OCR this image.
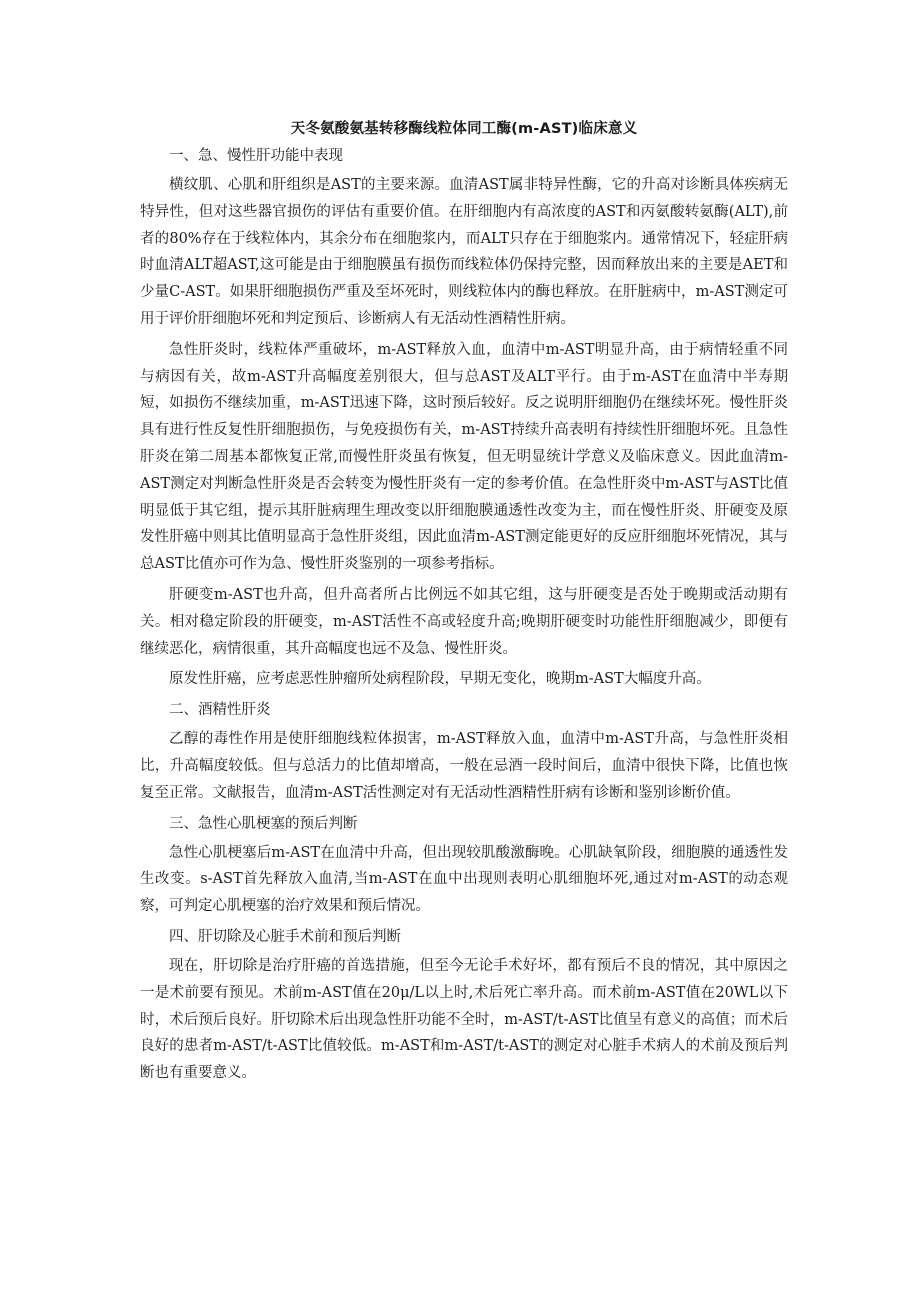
天冬氨酸氨基转移酶线粒体同工酶(m-AST)临床意义
一、急、慢性肝功能中表现

横纹肌、心肌和肝组织是AST的主要来源。血清AST属非特异性酶，它的升高对诊断具体疾病无特异性，但对这些器官损伤的评估有重要价值。在肝细胞内有高浓度的AST和丙氨酸转氨酶(ALT),前者的80%存在于线粒体内，其余分布在细胞浆内，而ALT只存在于细胞浆内。通常情况下，轻症肝病时血清ALT超AST,这可能是由于细胞膜虽有损伤而线粒体仍保持完整，因而释放出来的主要是AET和少量C-AST。如果肝细胞损伤严重及至坏死时，则线粒体内的酶也释放。在肝脏病中，m-AST测定可用于评价肝细胞坏死和判定预后、诊断病人有无活动性酒精性肝病。

急性肝炎时，线粒体严重破坏，m-AST释放入血，血清中m-AST明显升高，由于病情轻重不同与病因有关，故m-AST升高幅度差别很大，但与总AST及ALT平行。由于m-AST在血清中半寿期短，如损伤不继续加重，m-AST迅速下降，这时预后较好。反之说明肝细胞仍在继续坏死。慢性肝炎具有进行性反复性肝细胞损伤，与免疫损伤有关，m-AST持续升高表明有持续性肝细胞坏死。且急性肝炎在第二周基本都恢复正常,而慢性肝炎虽有恢复，但无明显统计学意义及临床意义。因此血清m-AST测定对判断急性肝炎是否会转变为慢性肝炎有一定的参考价值。在急性肝炎中m-AST与AST比值明显低于其它组，提示其肝脏病理生理改变以肝细胞膜通透性改变为主，而在慢性肝炎、肝硬变及原发性肝癌中则其比值明显高于急性肝炎组，因此血清m-AST测定能更好的反应肝细胞坏死情况，其与总AST比值亦可作为急、慢性肝炎鉴别的一项参考指标。

肝硬变m-AST也升高，但升高者所占比例远不如其它组，这与肝硬变是否处于晚期或活动期有关。相对稳定阶段的肝硬变，m-AST活性不高或轻度升高;晚期肝硬变时功能性肝细胞减少，即便有继续恶化，病情很重，其升高幅度也远不及急、慢性肝炎。

原发性肝癌，应考虑恶性肿瘤所处病程阶段，早期无变化，晚期m-AST大幅度升高。

二、酒精性肝炎

乙醇的毒性作用是使肝细胞线粒体损害，m-AST释放入血，血清中m-AST升高，与急性肝炎相比，升高幅度较低。但与总活力的比值却增高，一般在忌酒一段时间后，血清中很快下降，比值也恢复至正常。文献报告，血清m-AST活性测定对有无活动性酒精性肝病有诊断和鉴别诊断价值。

三、急性心肌梗塞的预后判断

急性心肌梗塞后m-AST在血清中升高，但出现较肌酸激酶晚。心肌缺氧阶段，细胞膜的通透性发生改变。s-AST首先释放入血清,当m-AST在血中出现则表明心肌细胞坏死,通过对m-AST的动态观察，可判定心肌梗塞的治疗效果和预后情况。

四、肝切除及心脏手术前和预后判断

现在，肝切除是治疗肝癌的首选措施，但至今无论手术好坏，都有预后不良的情况，其中原因之一是术前要有预见。术前m-AST值在20μ/L以上时,术后死亡率升高。而术前m-AST值在20WL以下时，术后预后良好。肝切除术后出现急性肝功能不全时，m-AST/t-AST比值呈有意义的高值；而术后良好的患者m-AST/t-AST比值较低。m-AST和m-AST/t-AST的测定对心脏手术病人的术前及预后判断也有重要意义。
